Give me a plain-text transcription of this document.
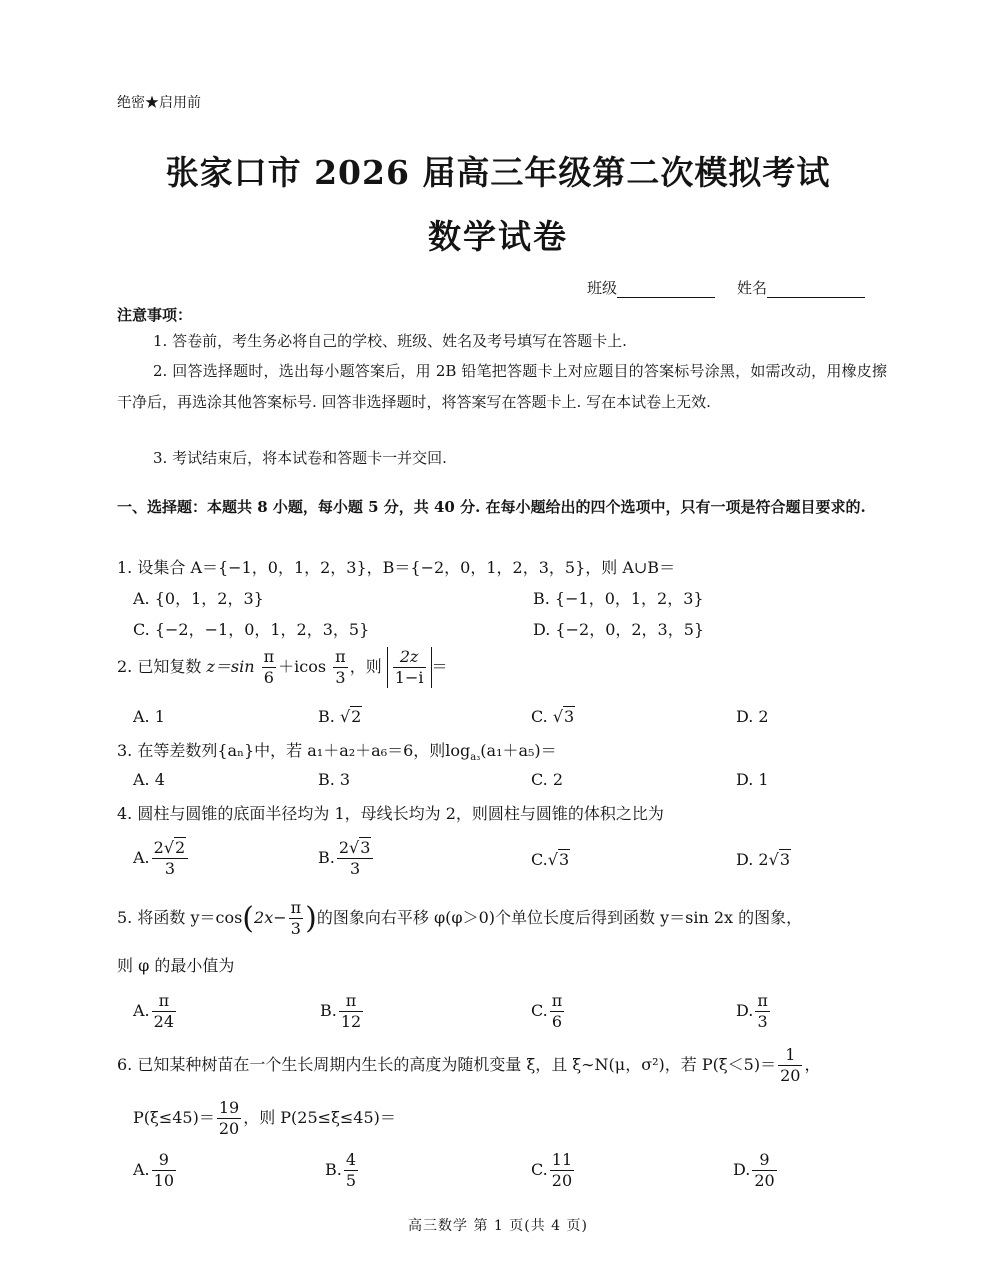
绝密★启用前
张家口市 2026 届高三年级第二次模拟考试
数学试卷
班级	姓名
注意事项：
1. 答卷前，考生务必将自己的学校、班级、姓名及考号填写在答题卡上.
2. 回答选择题时，选出每小题答案后，用 2B 铅笔把答题卡上对应题目的答案标号涂黑，如需改动，用橡皮擦干净后，再选涂其他答案标号. 回答非选择题时，将答案写在答题卡上. 写在本试卷上无效.
3. 考试结束后，将本试卷和答题卡一并交回.
一、选择题：本题共 8 小题，每小题 5 分，共 40 分. 在每小题给出的四个选项中，只有一项是符合题目要求的.
1. 设集合 A＝{−1，0，1，2，3}，B＝{−2，0，1，2，3，5}，则 A∪B＝
A. {0，1，2，3}	B. {−1，0，1，2，3}
C. {−2，−1，0，1，2，3，5}	D. {−2，0，2，3，5}
2. 已知复数 $z=\sin \frac{\pi}{6} +icos \frac{\pi}{3}$ ，则 $\frac{2z}{1-i}$ ＝
A. 1	B. √2	C. √3	D. 2
3. 在等差数列{aₙ}中，若 a₁＋a₂＋a₆＝6，则$\log_{a_3}(a_1+a_5)=$
A. 4	B. 3	C. 2	D. 1
4. 圆柱与圆锥的底面半径均为 1，母线长均为 2，则圆柱与圆锥的体积之比为
A. $\frac{2√2}{3}$	B. $\frac{2√3}{3}$	C.√3	D. 2√3
5. 将函数 $y=\cos(2x- \frac{\pi}{3}$ )的图象向右平移 φ(φ＞0)个单位长度后得到函数 y＝sin 2x 的图象，
则 φ 的最小值为
A. $\frac{\pi}{24}$	B. $\frac{\pi}{12}$	C. $\frac{\pi}{6}$	D. $\frac{\pi}{3}$
6. 已知某种树苗在一个生长周期内生长的高度为随机变量 ξ，且 ξ∼N(μ，σ²)，若 $P(\xi<5)= \frac{1}{20}$ ，
$P(\xi\le 45)= \frac{19}{20}$ ，则 P(25≤ξ≤45)＝
A. $\frac{9}{10}$	B. $\frac{4}{5}$	C. $\frac{11}{20}$	D. $\frac{9}{20}$
高三数学 第 1 页(共 4 页)
